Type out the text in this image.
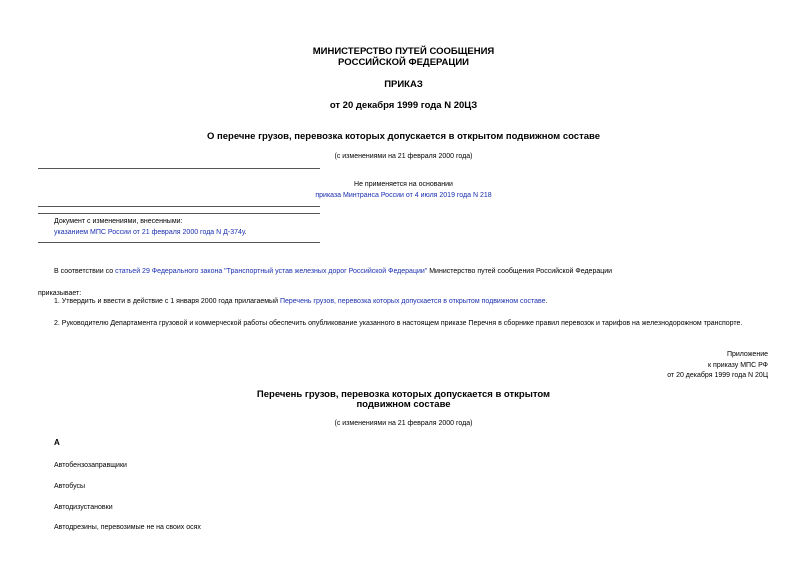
МИНИСТЕРСТВО ПУТЕЙ СООБЩЕНИЯ
РОССИЙСКОЙ ФЕДЕРАЦИИ
ПРИКАЗ
от 20 декабря 1999 года N 20ЦЗ
О перечне грузов, перевозка которых допускается в открытом подвижном составе
(с изменениями на 21 февраля 2000 года)
Не применяется на основании
приказа Минтранса России от 4 июля 2019 года N 218
Документ с изменениями, внесенными:
указанием МПС России от 21 февраля 2000 года N Д-374у.
В соответствии со статьей 29 Федерального закона "Транспортный устав железных дорог Российской Федерации" Министерство путей сообщения Российской Федерации
приказывает:
1. Утвердить и ввести в действие с 1 января 2000 года прилагаемый Перечень грузов, перевозка которых допускается в открытом подвижном составе.
2. Руководителю Департамента грузовой и коммерческой работы обеспечить опубликование указанного в настоящем приказе Перечня в сборнике правил перевозок и тарифов на железнодорожном транспорте.
Приложение
к приказу МПС РФ
от 20 декабря 1999 года N 20Ц
Перечень грузов, перевозка которых допускается в открытом
подвижном составе
(с изменениями на 21 февраля 2000 года)
А
Автобензозаправщики
Автобусы
Автодизустановки
Автодрезины, перевозимые не на своих осях
